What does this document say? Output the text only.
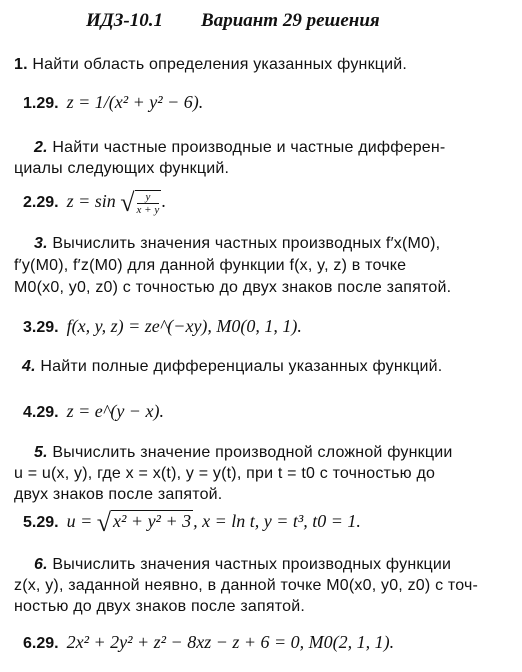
ИДЗ-10.1 Вариант 29 решения
1. Найти область определения указанных функций.
1.29. z = 1/(x² + y² − 6).
2. Найти частные производные и частные дифферен-
циалы следующих функций.
2.29. z = sin √ $\frac{y}{x + y}$ .
3. Вычислить значения частных производных f′x(M0),
f′y(M0), f′z(M0) для данной функции f(x, y, z) в точке
M0(x0, y0, z0) с точностью до двух знаков после запятой.
3.29. f(x, y, z) = ze^(−xy), M0(0, 1, 1).
4. Найти полные дифференциалы указанных функций.
4.29. z = e^(y − x).
5. Вычислить значение производной сложной функции
u = u(x, y), где x = x(t), y = y(t), при t = t0 с точностью до
двух знаков после запятой.
5.29. u = √ x² + y² + 3 , x = ln t, y = t³, t0 = 1.
6. Вычислить значения частных производных функции
z(x, y), заданной неявно, в данной точке M0(x0, y0, z0) с точ-
ностью до двух знаков после запятой.
6.29. 2x² + 2y² + z² − 8xz − z + 6 = 0, M0(2, 1, 1).
